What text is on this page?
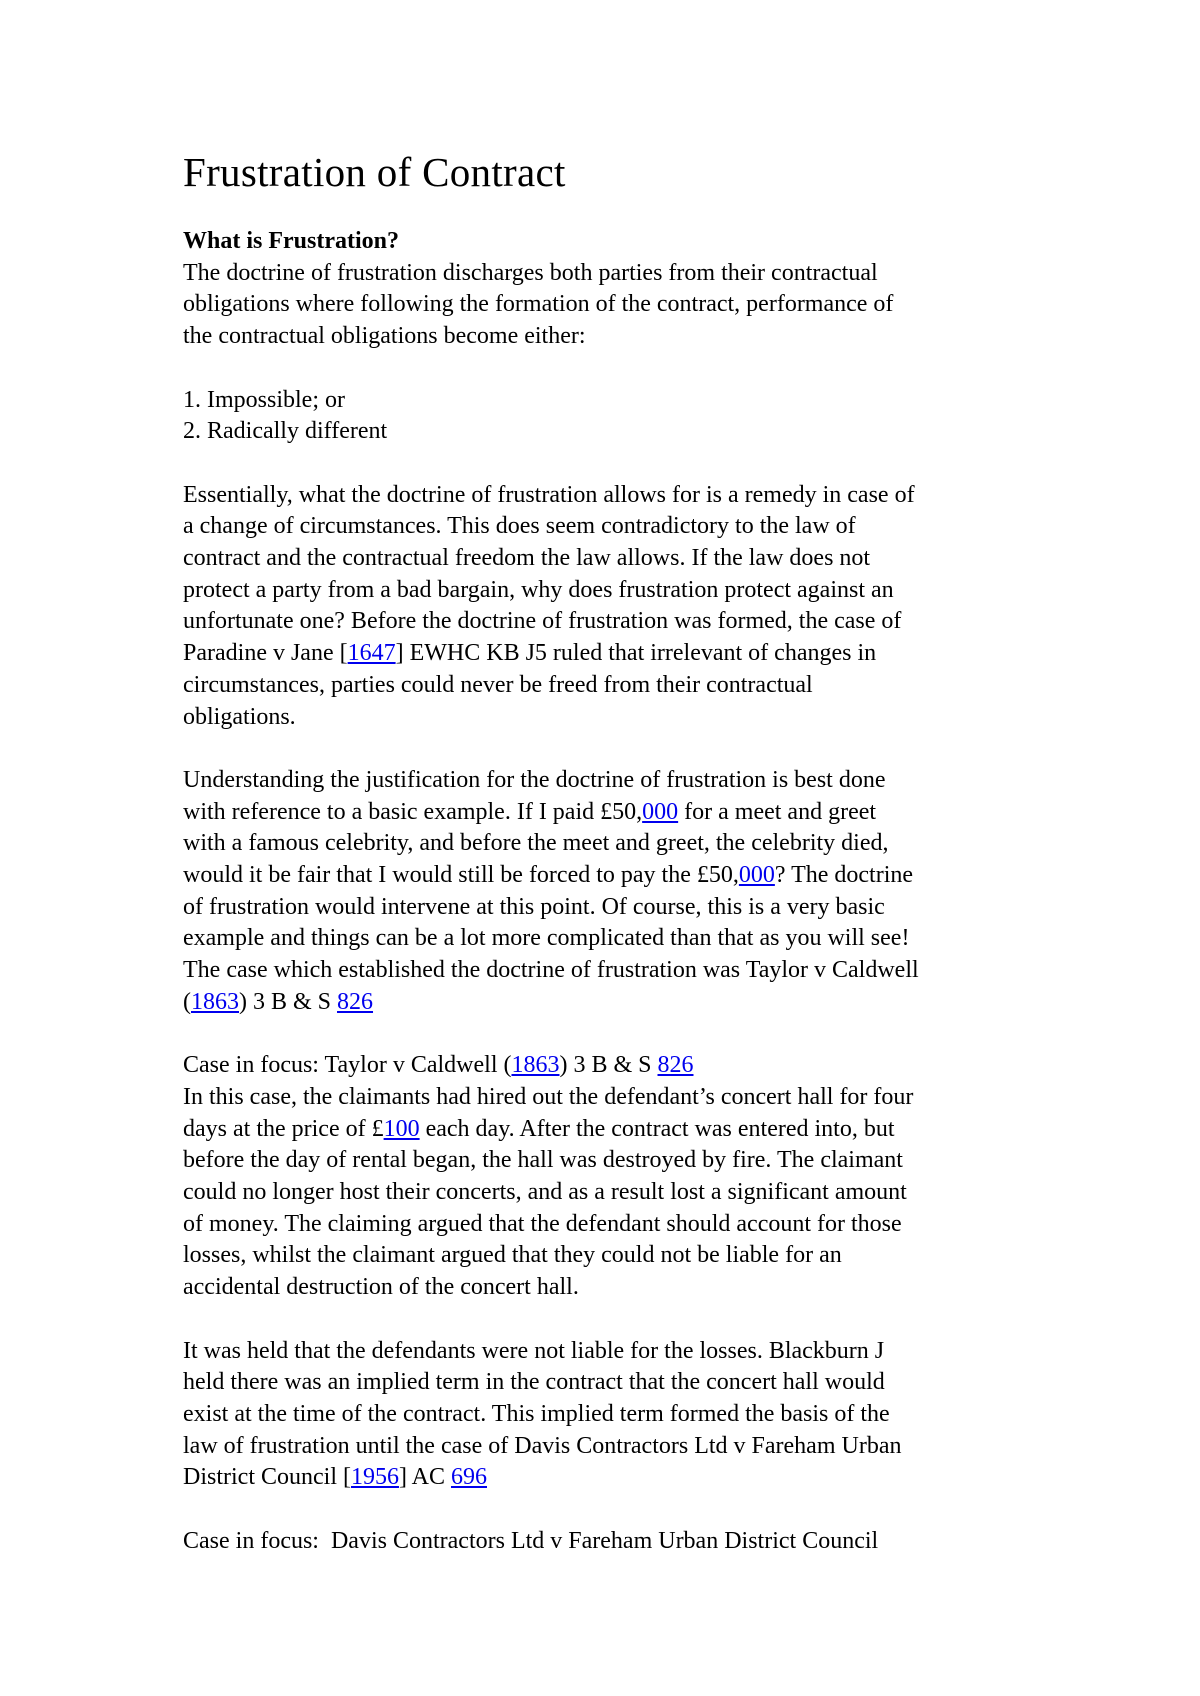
Frustration of Contract

What is Frustration?

The doctrine of frustration discharges both parties from their contractual

obligations where following the formation of the contract, performance of

the contractual obligations become either:

1. Impossible; or

2. Radically different

Essentially, what the doctrine of frustration allows for is a remedy in case of

a change of circumstances. This does seem contradictory to the law of

contract and the contractual freedom the law allows. If the law does not

protect a party from a bad bargain, why does frustration protect against an

unfortunate one? Before the doctrine of frustration was formed, the case of

Paradine v Jane [1647] EWHC KB J5 ruled that irrelevant of changes in

circumstances, parties could never be freed from their contractual

obligations.

Understanding the justification for the doctrine of frustration is best done

with reference to a basic example. If I paid £50,000 for a meet and greet

with a famous celebrity, and before the meet and greet, the celebrity died,

would it be fair that I would still be forced to pay the £50,000? The doctrine

of frustration would intervene at this point. Of course, this is a very basic

example and things can be a lot more complicated than that as you will see!

The case which established the doctrine of frustration was Taylor v Caldwell

(1863) 3 B & S 826

Case in focus: Taylor v Caldwell (1863) 3 B & S 826

In this case, the claimants had hired out the defendant’s concert hall for four

days at the price of £100 each day. After the contract was entered into, but

before the day of rental began, the hall was destroyed by fire. The claimant

could no longer host their concerts, and as a result lost a significant amount

of money. The claiming argued that the defendant should account for those

losses, whilst the claimant argued that they could not be liable for an

accidental destruction of the concert hall.

It was held that the defendants were not liable for the losses. Blackburn J

held there was an implied term in the contract that the concert hall would

exist at the time of the contract. This implied term formed the basis of the

law of frustration until the case of Davis Contractors Ltd v Fareham Urban

District Council [1956] AC 696

Case in focus:  Davis Contractors Ltd v Fareham Urban District Council
